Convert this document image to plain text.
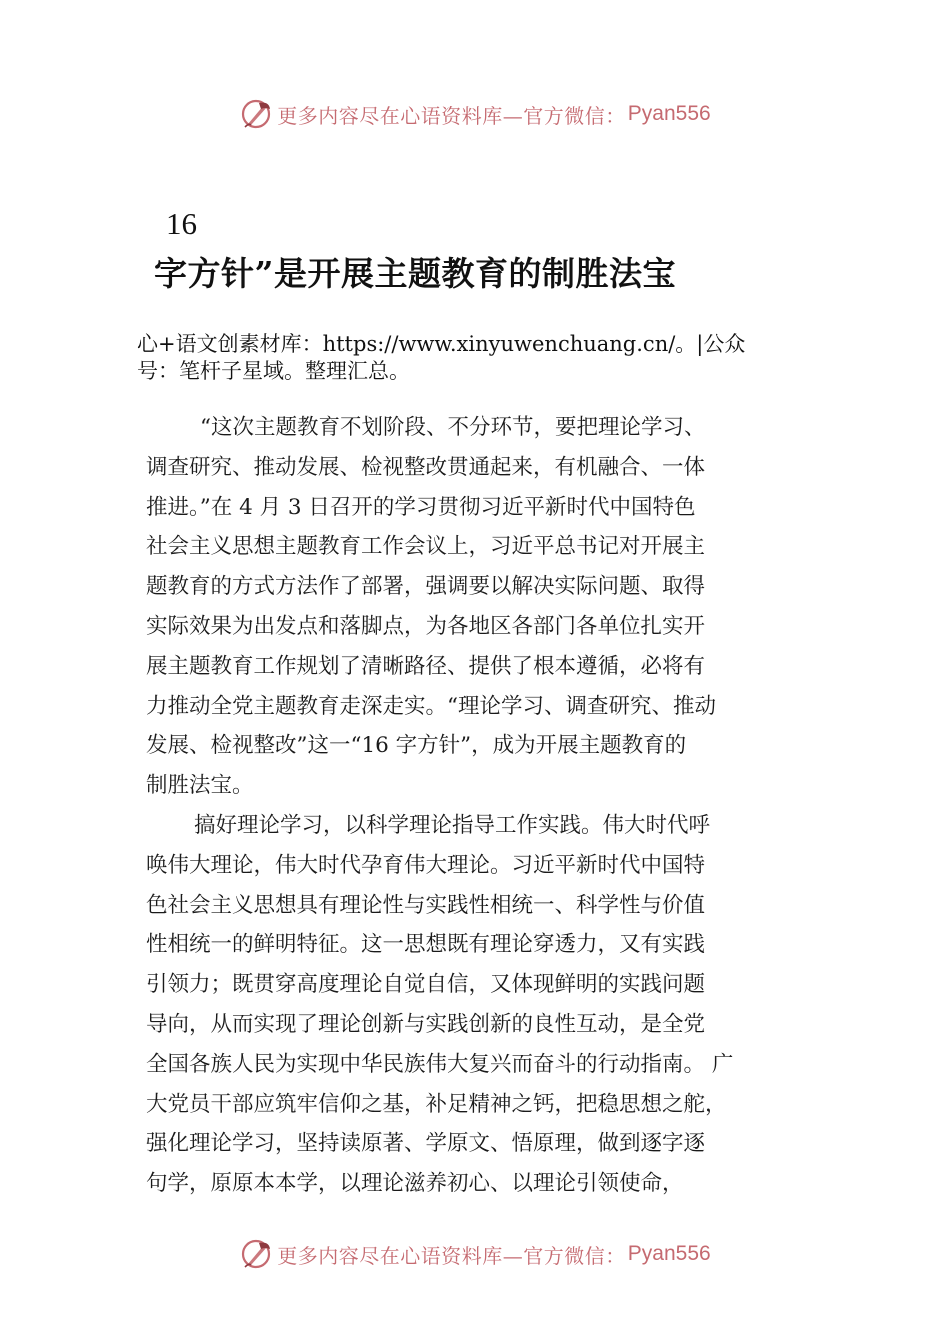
更多内容尽在心语资料库—官方微信： Pyan556
16
字方针”是开展主题教育的制胜法宝
心+语文创素材库：https://www.xinyuwenchuang.cn/。|公众
号：笔杆子星域。整理汇总。
“这次主题教育不划阶段、不分环节，要把理论学习、
调查研究、推动发展、检视整改贯通起来，有机融合、一体
推进。”在 4 月 3 日召开的学习贯彻习近平新时代中国特色
社会主义思想主题教育工作会议上，习近平总书记对开展主
题教育的方式方法作了部署，强调要以解决实际问题、取得
实际效果为出发点和落脚点，为各地区各部门各单位扎实开
展主题教育工作规划了清晰路径、提供了根本遵循，必将有
力推动全党主题教育走深走实。“理论学习、调查研究、推动
发展、检视整改”这一“16 字方针”，成为开展主题教育的
制胜法宝。
搞好理论学习，以科学理论指导工作实践。伟大时代呼
唤伟大理论，伟大时代孕育伟大理论。习近平新时代中国特
色社会主义思想具有理论性与实践性相统一、科学性与价值
性相统一的鲜明特征。这一思想既有理论穿透力，又有实践
引领力；既贯穿高度理论自觉自信，又体现鲜明的实践问题
导向，从而实现了理论创新与实践创新的良性互动，是全党
全国各族人民为实现中华民族伟大复兴而奋斗的行动指南。 广
大党员干部应筑牢信仰之基，补足精神之钙，把稳思想之舵，
强化理论学习，坚持读原著、学原文、悟原理，做到逐字逐
句学，原原本本学，以理论滋养初心、以理论引领使命，
更多内容尽在心语资料库—官方微信： Pyan556
